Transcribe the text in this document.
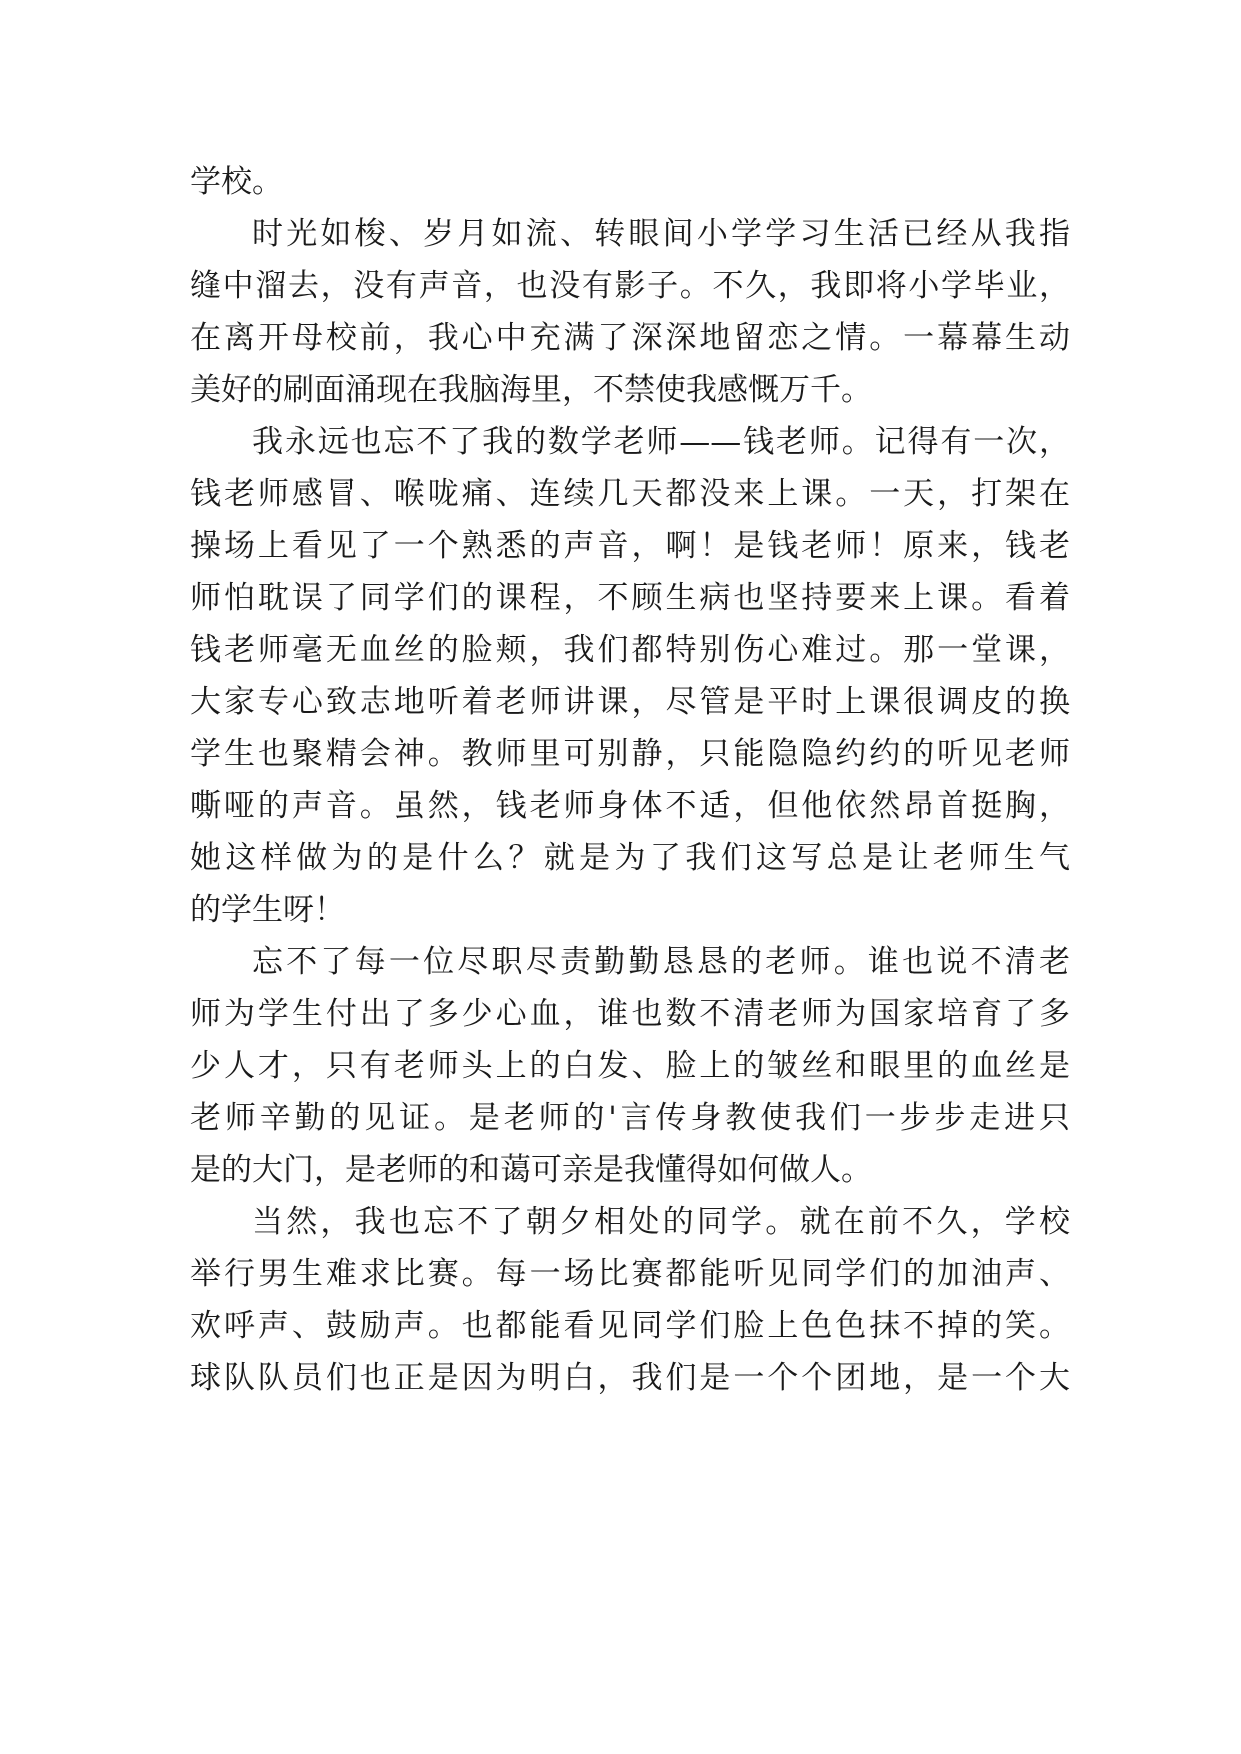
学校。
时光如梭、岁月如流、转眼间小学学习生活已经从我指
缝中溜去，没有声音，也没有影子。不久，我即将小学毕业，
在离开母校前，我心中充满了深深地留恋之情。一幕幕生动
美好的刷面涌现在我脑海里，不禁使我感慨万千。
我永远也忘不了我的数学老师——钱老师。记得有一次，
钱老师感冒、喉咙痛、连续几天都没来上课。一天，打架在
操场上看见了一个熟悉的声音，啊！是钱老师！原来，钱老
师怕耽误了同学们的课程，不顾生病也坚持要来上课。看着
钱老师毫无血丝的脸颊，我们都特别伤心难过。那一堂课，
大家专心致志地听着老师讲课，尽管是平时上课很调皮的换
学生也聚精会神。教师里可别静，只能隐隐约约的听见老师
嘶哑的声音。虽然，钱老师身体不适，但他依然昂首挺胸，
她这样做为的是什么？就是为了我们这写总是让老师生气
的学生呀！
忘不了每一位尽职尽责勤勤恳恳的老师。谁也说不清老
师为学生付出了多少心血，谁也数不清老师为国家培育了多
少人才，只有老师头上的白发、脸上的皱丝和眼里的血丝是
老师辛勤的见证。是老师的'言传身教使我们一步步走进只
是的大门，是老师的和蔼可亲是我懂得如何做人。
当然，我也忘不了朝夕相处的同学。就在前不久，学校
举行男生难求比赛。每一场比赛都能听见同学们的加油声、
欢呼声、鼓励声。也都能看见同学们脸上色色抹不掉的笑。
球队队员们也正是因为明白，我们是一个个团地，是一个大
